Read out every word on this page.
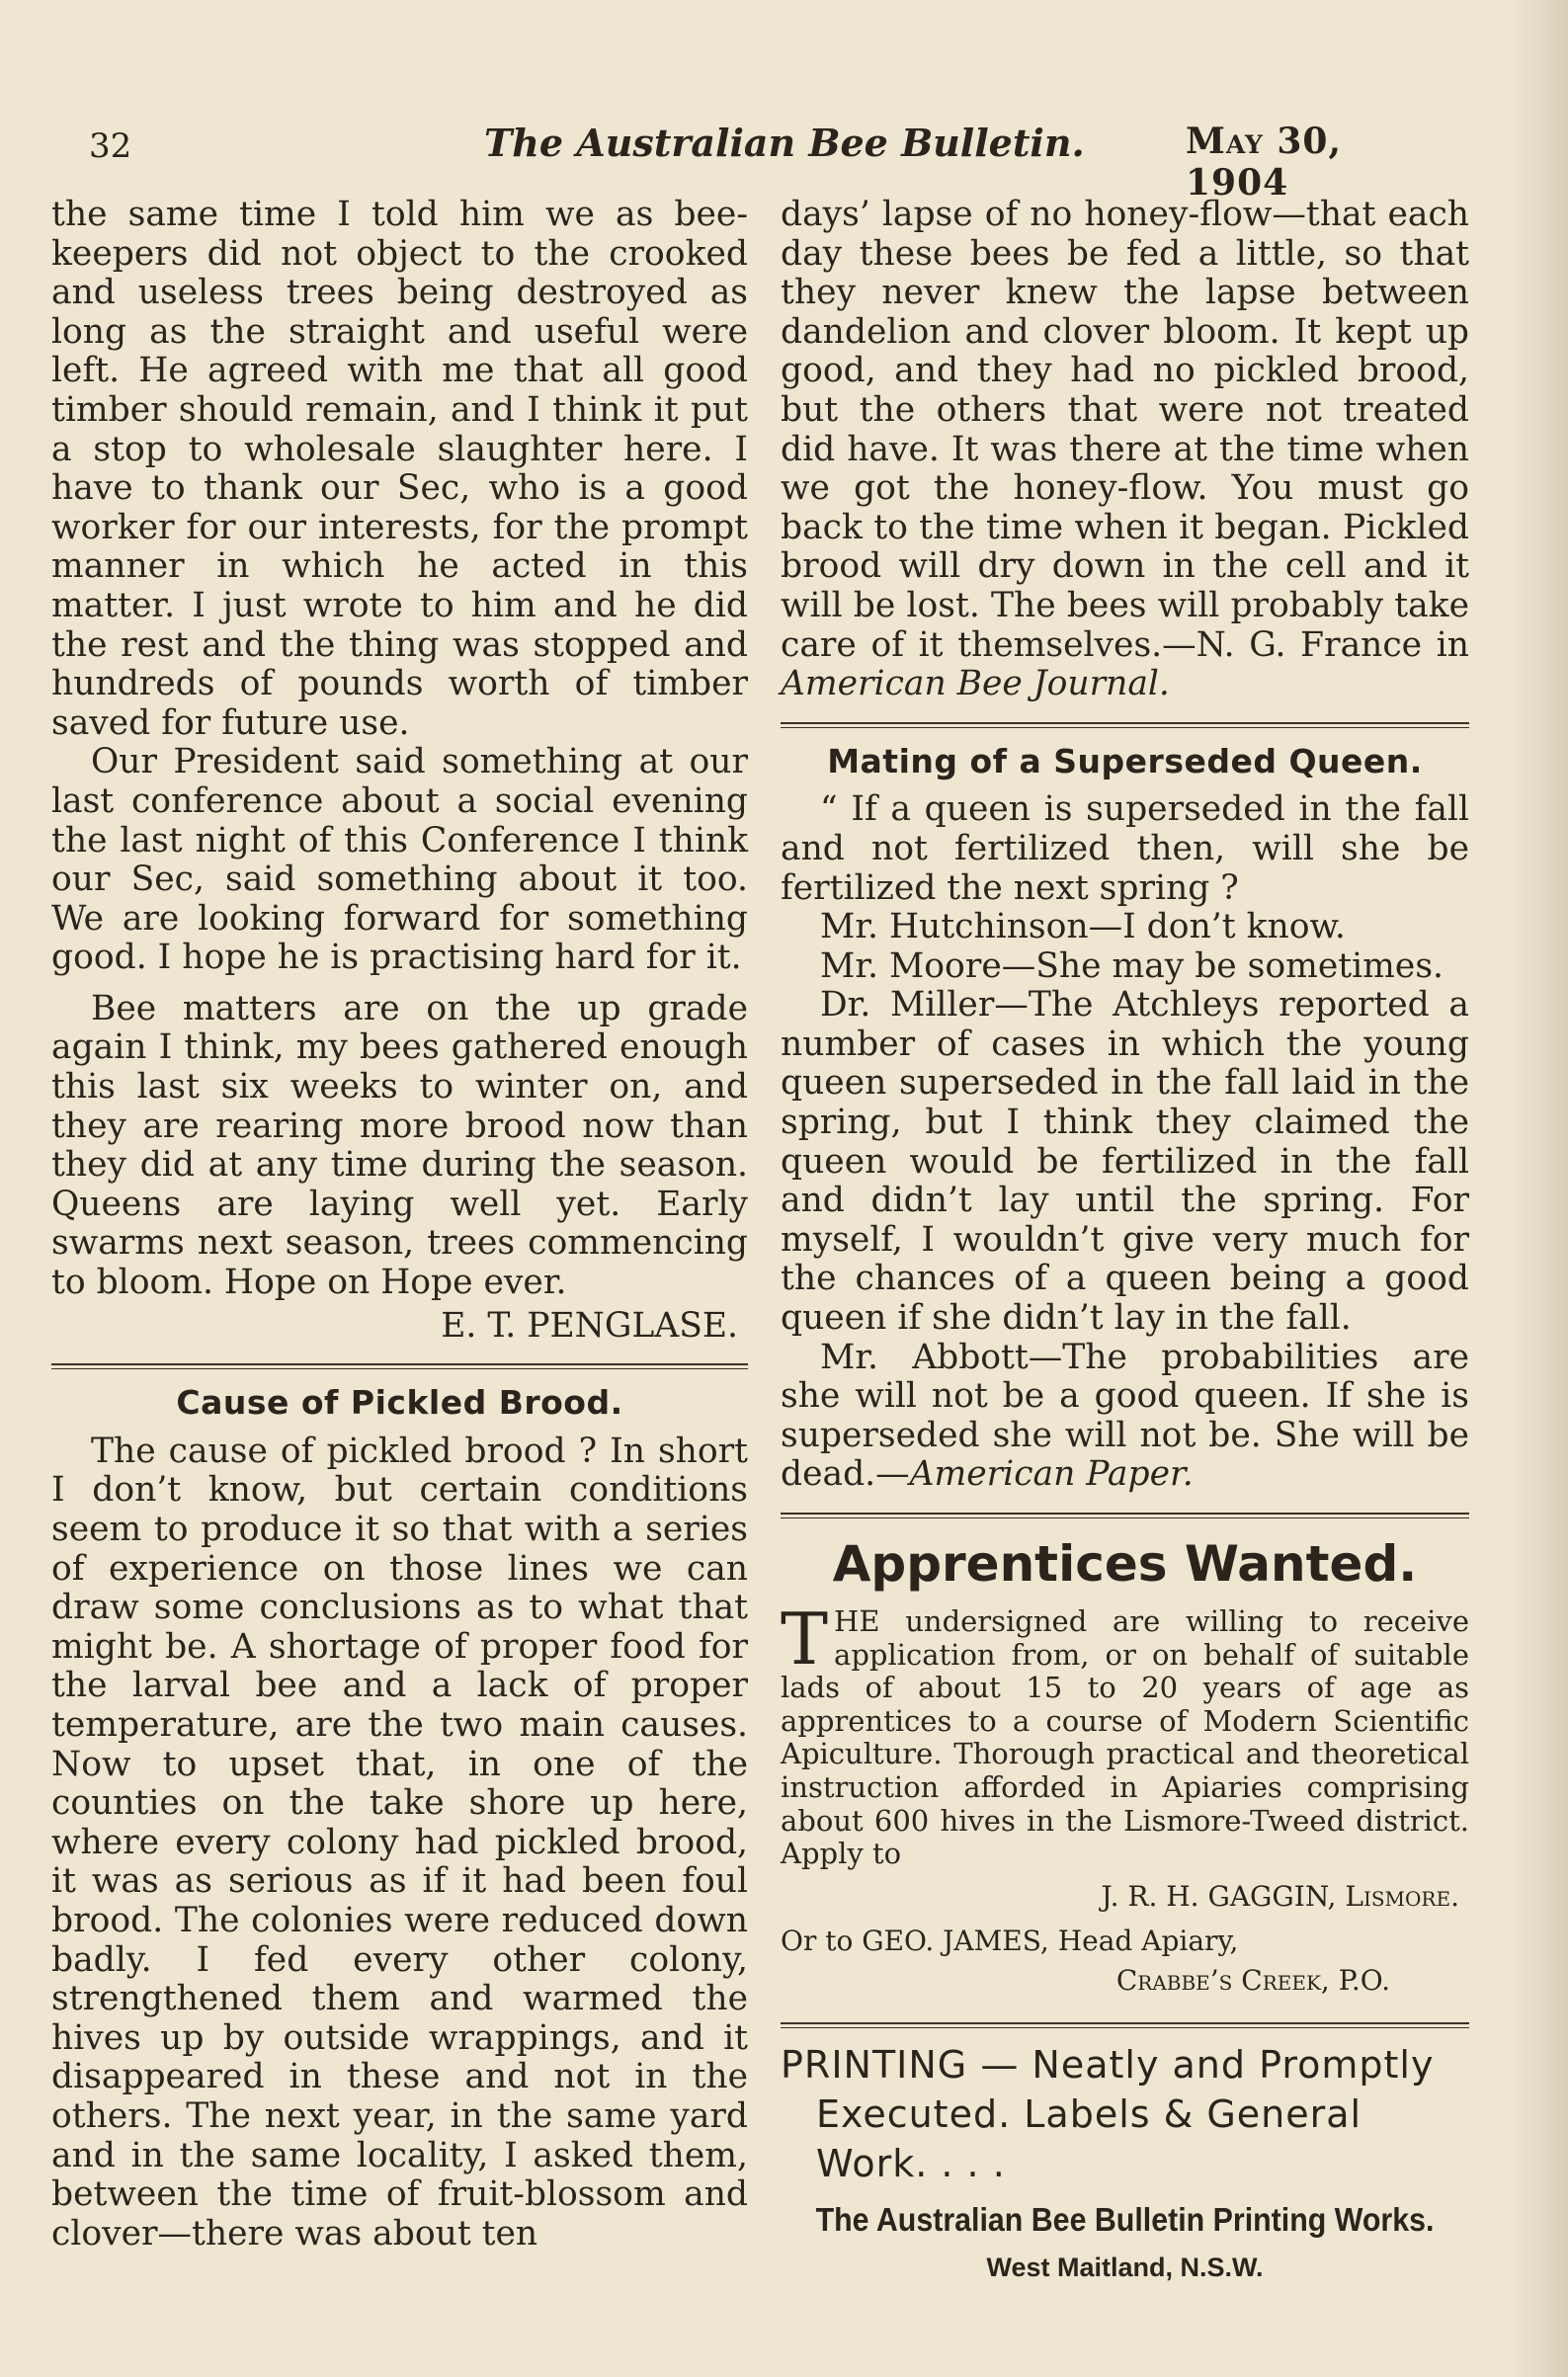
32	The Australian Bee Bulletin.	May 30, 1904

the same time I told him we as bee-keepers did not object to the crooked and useless trees being destroyed as long as the straight and useful were left. He agreed with me that all good timber should remain, and I think it put a stop to wholesale slaughter here. I have to thank our Sec, who is a good worker for our interests, for the prompt manner in which he acted in this matter. I just wrote to him and he did the rest and the thing was stopped and hundreds of pounds worth of timber saved for future use.

Our President said something at our last conference about a social evening the last night of this Conference I think our Sec, said something about it too. We are looking forward for something good. I hope he is practising hard for it.

Bee matters are on the up grade again I think, my bees gathered enough this last six weeks to winter on, and they are rearing more brood now than they did at any time during the season. Queens are laying well yet. Early swarms next season, trees commencing to bloom. Hope on Hope ever.

E. T. PENGLASE.

Cause of Pickled Brood.

The cause of pickled brood ? In short I don’t know, but certain conditions seem to produce it so that with a series of experience on those lines we can draw some conclusions as to what that might be. A shortage of proper food for the larval bee and a lack of proper temperature, are the two main causes. Now to upset that, in one of the counties on the take shore up here, where every colony had pickled brood, it was as serious as if it had been foul brood. The colonies were reduced down badly. I fed every other colony, strengthened them and warmed the hives up by outside wrappings, and it disappeared in these and not in the others. The next year, in the same yard and in the same locality, I asked them, between the time of fruit-blossom and clover—there was about ten

days’ lapse of no honey-flow—that each day these bees be fed a little, so that they never knew the lapse between dandelion and clover bloom. It kept up good, and they had no pickled brood, but the others that were not treated did have. It was there at the time when we got the honey-flow. You must go back to the time when it began. Pickled brood will dry down in the cell and it will be lost. The bees will probably take care of it themselves.—N. G. France in American Bee Journal.

Mating of a Superseded Queen.

“ If a queen is superseded in the fall and not fertilized then, will she be fertilized the next spring ?

Mr. Hutchinson—I don’t know.

Mr. Moore—She may be sometimes.

Dr. Miller—The Atchleys reported a number of cases in which the young queen superseded in the fall laid in the spring, but I think they claimed the queen would be fertilized in the fall and didn’t lay until the spring. For myself, I wouldn’t give very much for the chances of a queen being a good queen if she didn’t lay in the fall.

Mr. Abbott—The probabilities are she will not be a good queen. If she is superseded she will not be. She will be dead.—American Paper.

Apprentices Wanted.

THE undersigned are willing to receive application from, or on behalf of suitable lads of about 15 to 20 years of age as apprentices to a course of Modern Scientific Apiculture. Thorough practical and theoretical instruction afforded in Apiaries comprising about 600 hives in the Lismore-Tweed district. Apply to

J. R. H. GAGGIN, Lismore.

Or to GEO. JAMES, Head Apiary,

Crabbe’s Creek, P.O.

PRINTING — Neatly and Promptly

Executed. Labels & General

Work. . . .

The Australian Bee Bulletin Printing Works.

West Maitland, N.S.W.
